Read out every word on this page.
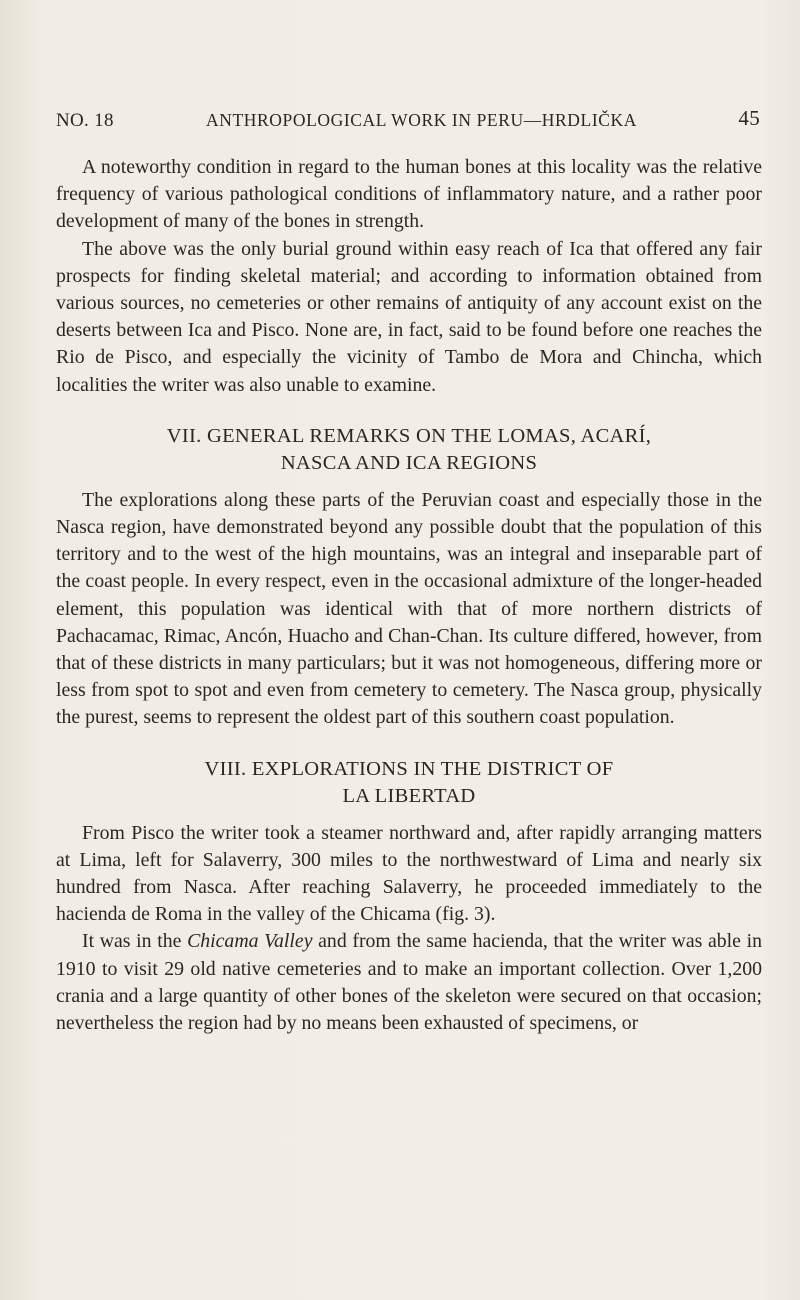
NO. 18	ANTHROPOLOGICAL WORK IN PERU—HRDLIČKA	45

A noteworthy condition in regard to the human bones at this locality was the relative frequency of various pathological conditions of inflammatory nature, and a rather poor development of many of the bones in strength.

The above was the only burial ground within easy reach of Ica that offered any fair prospects for finding skeletal material; and according to information obtained from various sources, no cemeteries or other remains of antiquity of any account exist on the deserts between Ica and Pisco. None are, in fact, said to be found before one reaches the Rio de Pisco, and especially the vicinity of Tambo de Mora and Chincha, which localities the writer was also unable to examine.

VII. GENERAL REMARKS ON THE LOMAS, ACARÍ,
NASCA AND ICA REGIONS

The explorations along these parts of the Peruvian coast and especially those in the Nasca region, have demonstrated beyond any possible doubt that the population of this territory and to the west of the high mountains, was an integral and inseparable part of the coast people. In every respect, even in the occasional admixture of the longer-headed element, this population was identical with that of more northern districts of Pachacamac, Rimac, Ancón, Huacho and Chan-Chan. Its culture differed, however, from that of these districts in many particulars; but it was not homogeneous, differing more or less from spot to spot and even from cemetery to cemetery. The Nasca group, physically the purest, seems to represent the oldest part of this southern coast population.

VIII. EXPLORATIONS IN THE DISTRICT OF
LA LIBERTAD

From Pisco the writer took a steamer northward and, after rapidly arranging matters at Lima, left for Salaverry, 300 miles to the northwestward of Lima and nearly six hundred from Nasca. After reaching Salaverry, he proceeded immediately to the hacienda de Roma in the valley of the Chicama (fig. 3).

It was in the Chicama Valley and from the same hacienda, that the writer was able in 1910 to visit 29 old native cemeteries and to make an important collection. Over 1,200 crania and a large quantity of other bones of the skeleton were secured on that occasion; nevertheless the region had by no means been exhausted of specimens, or
